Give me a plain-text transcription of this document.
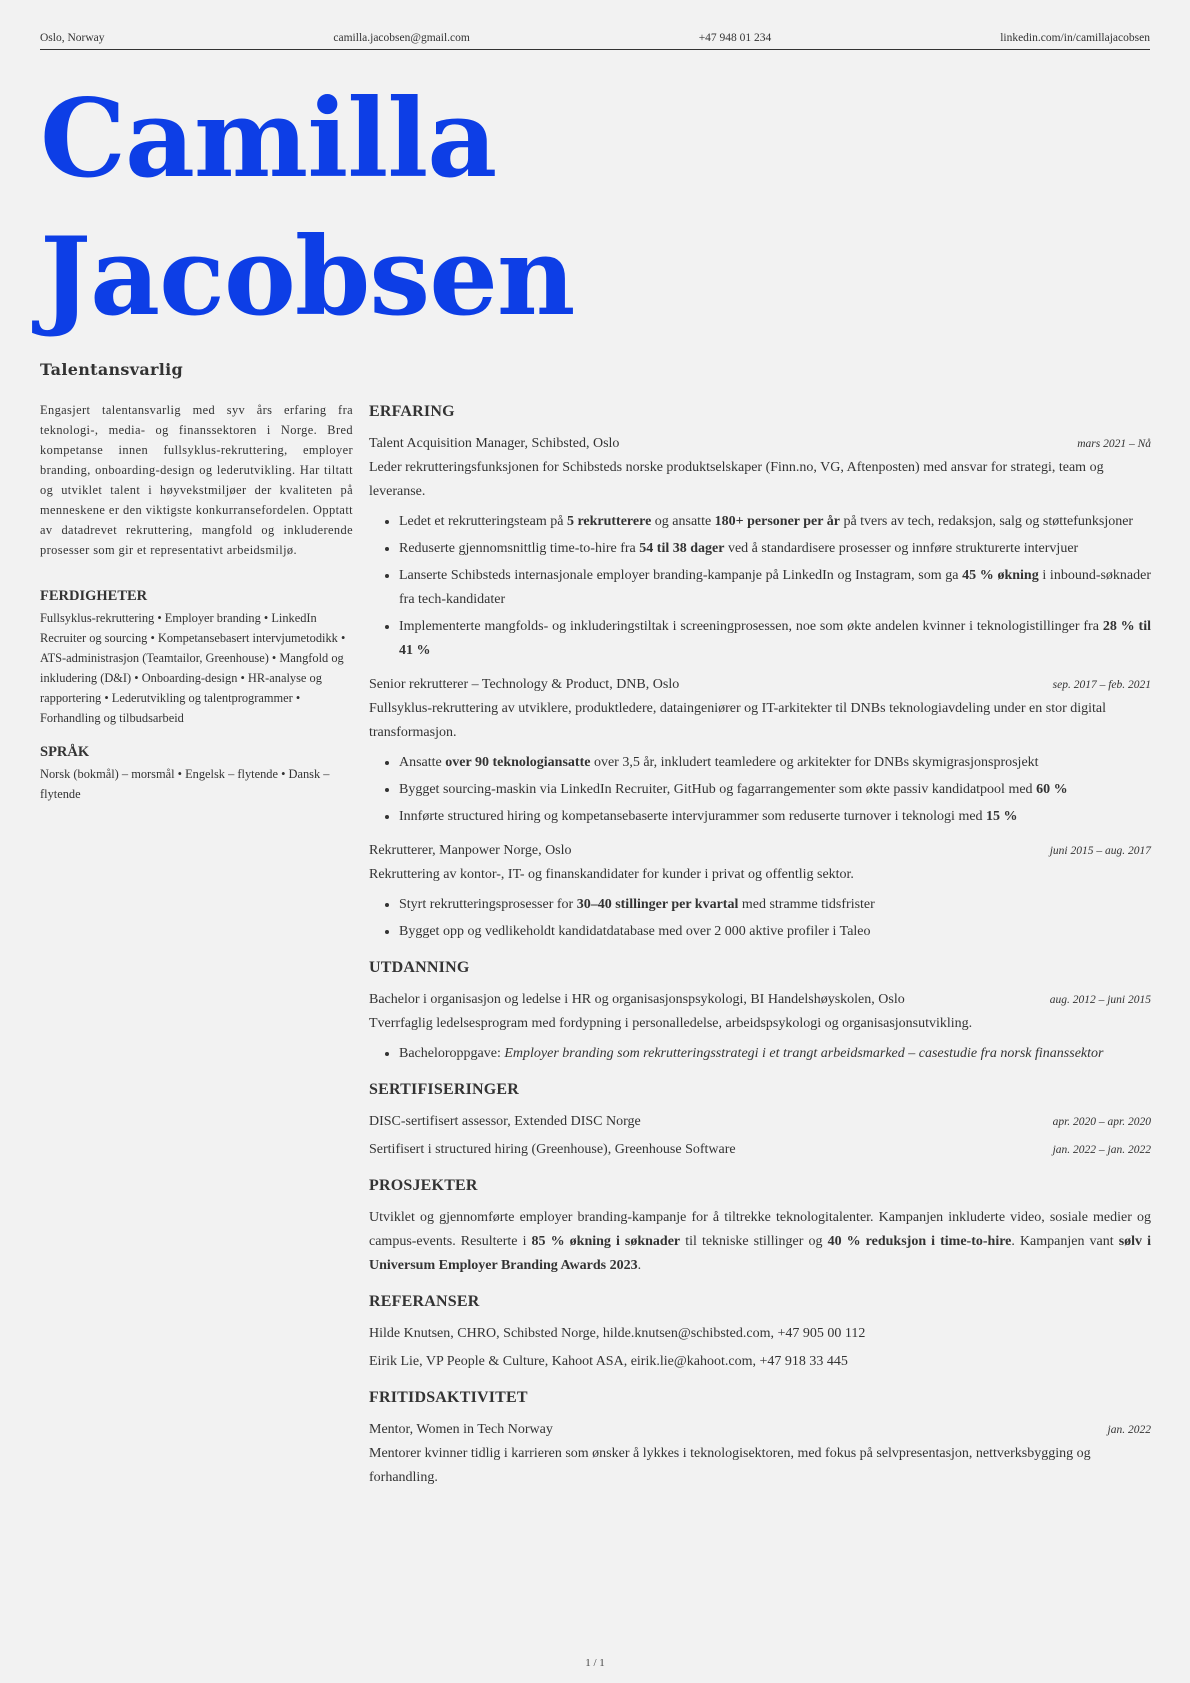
Oslo, Norway	camilla.jacobsen@gmail.com	+47 948 01 234	linkedin.com/in/camillajacobsen
Camilla
Jacobsen
Talentansvarlig
Engasjert talentansvarlig med syv års erfaring fra teknologi-, media- og finanssektoren i Norge. Bred kompetanse innen fullsyklus-rekruttering, employer branding, onboarding-design og lederutvikling. Har tiltatt og utviklet talent i høyvekstmiljøer der kvaliteten på menneskene er den viktigste konkurransefordelen. Opptatt av datadrevet rekruttering, mangfold og inkluderende prosesser som gir et representativt arbeidsmiljø.
FERDIGHETER
Fullsyklus-rekruttering • Employer branding • LinkedIn Recruiter og sourcing • Kompetansebasert intervjumetodikk • ATS-administrasjon (Teamtailor, Greenhouse) • Mangfold og inkludering (D&I) • Onboarding-design • HR-analyse og rapportering • Lederutvikling og talentprogrammer • Forhandling og tilbudsarbeid
SPRÅK
Norsk (bokmål) – morsmål • Engelsk – flytende • Dansk – flytende
ERFARING
Talent Acquisition Manager, Schibsted, Oslo	mars 2021 – Nå

Leder rekrutteringsfunksjonen for Schibsteds norske produktselskaper (Finn.no, VG, Aftenposten) med ansvar for strategi, team og leveranse.

• Ledet et rekrutteringsteam på 5 rekrutterere og ansatte 180+ personer per år på tvers av tech, redaksjon, salg og støttefunksjoner
• Reduserte gjennomsnittlig time-to-hire fra 54 til 38 dager ved å standardisere prosesser og innføre strukturerte intervjuer
• Lanserte Schibsteds internasjonale employer branding-kampanje på LinkedIn og Instagram, som ga 45 % økning i inbound-søknader fra tech-kandidater
• Implementerte mangfolds- og inkluderingstiltak i screeningprosessen, noe som økte andelen kvinner i teknologistillinger fra 28 % til 41 %
Senior rekrutterer – Technology & Product, DNB, Oslo	sep. 2017 – feb. 2021

Fullsyklus-rekruttering av utviklere, produktledere, dataingeniører og IT-arkitekter til DNBs teknologiavdeling under en stor digital transformasjon.

• Ansatte over 90 teknologiansatte over 3,5 år, inkludert teamledere og arkitekter for DNBs skymigrasjonsprosjekt
• Bygget sourcing-maskin via LinkedIn Recruiter, GitHub og fagarrangementer som økte passiv kandidatpool med 60 %
• Innførte structured hiring og kompetansebaserte intervjurammer som reduserte turnover i teknologi med 15 %
Rekrutterer, Manpower Norge, Oslo	juni 2015 – aug. 2017

Rekruttering av kontor-, IT- og finanskandidater for kunder i privat og offentlig sektor.

• Styrt rekrutteringsprosesser for 30–40 stillinger per kvartal med stramme tidsfrister
• Bygget opp og vedlikeholdt kandidatdatabase med over 2 000 aktive profiler i Taleo
UTDANNING
Bachelor i organisasjon og ledelse i HR og organisasjonspsykologi, BI Handelshøyskolen, Oslo	aug. 2012 – juni 2015

Tverrfaglig ledelsesprogram med fordypning i personalledelse, arbeidspsykologi og organisasjonsutvikling.

• Bacheloroppgave: Employer branding som rekrutteringsstrategi i et trangt arbeidsmarked – casestudie fra norsk finanssektor
SERTIFISERINGER
DISC-sertifisert assessor, Extended DISC Norge	apr. 2020 – apr. 2020
Sertifisert i structured hiring (Greenhouse), Greenhouse Software	jan. 2022 – jan. 2022
PROSJEKTER

Utviklet og gjennomførte employer branding-kampanje for å tiltrekke teknologitalenter. Kampanjen inkluderte video, sosiale medier og campus-events. Resulterte i 85 % økning i søknader til tekniske stillinger og 40 % reduksjon i time-to-hire. Kampanjen vant sølv i Universum Employer Branding Awards 2023.

REFERANSER
Hilde Knutsen, CHRO, Schibsted Norge, hilde.knutsen@schibsted.com, +47 905 00 112
Eirik Lie, VP People & Culture, Kahoot ASA, eirik.lie@kahoot.com, +47 918 33 445
FRITIDSAKTIVITET
Mentor, Women in Tech Norway	jan. 2022

Mentorer kvinner tidlig i karrieren som ønsker å lykkes i teknologisektoren, med fokus på selvpresentasjon, nettverksbygging og forhandling.

1 / 1
